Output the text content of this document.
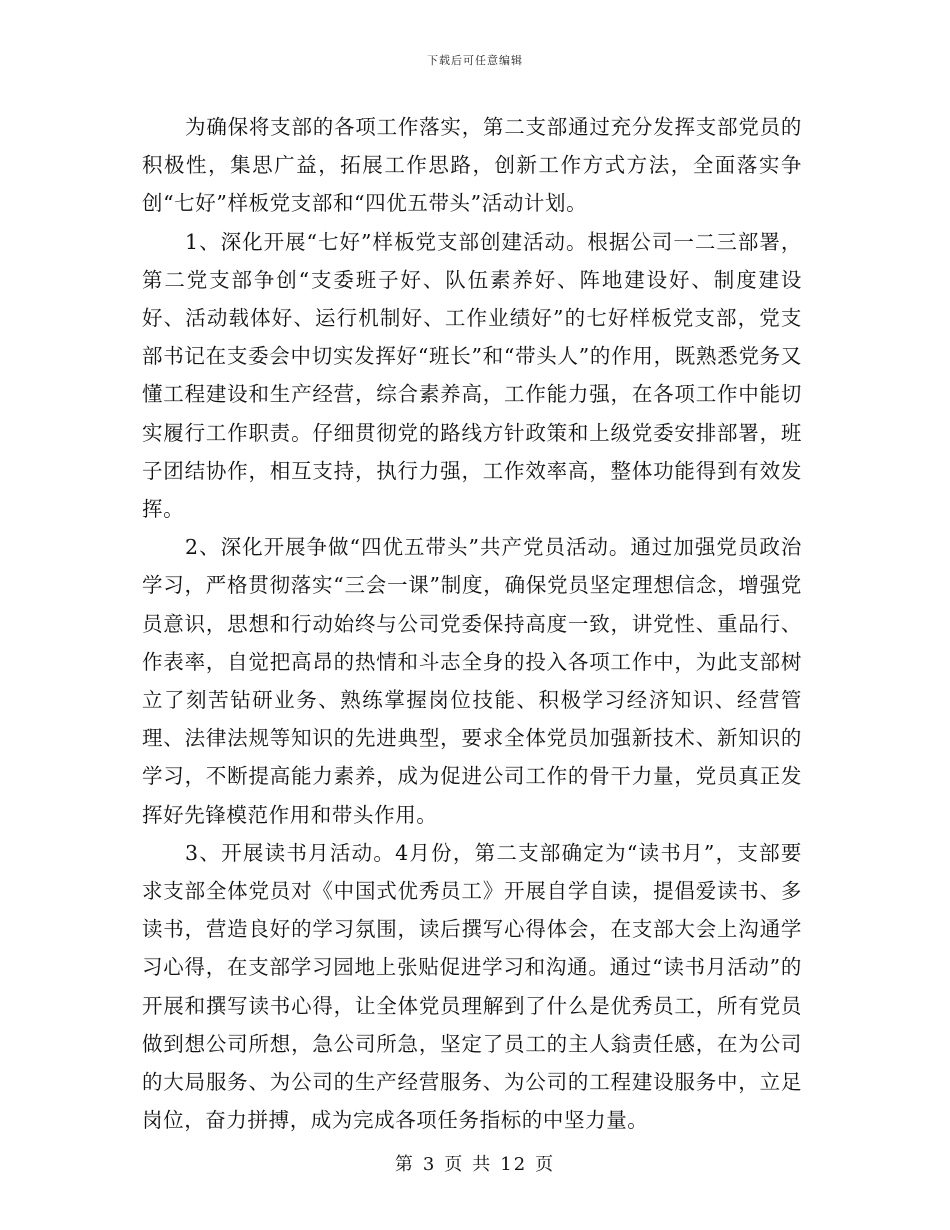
下载后可任意编辑

为确保将支部的各项工作落实，第二支部通过充分发挥支部党员的积极性，集思广益，拓展工作思路，创新工作方式方法，全面落实争创“七好”样板党支部和“四优五带头”活动计划。

1、深化开展“七好”样板党支部创建活动。根据公司一二三部署，第二党支部争创“支委班子好、队伍素养好、阵地建设好、制度建设好、活动载体好、运行机制好、工作业绩好”的七好样板党支部，党支部书记在支委会中切实发挥好“班长”和“带头人”的作用，既熟悉党务又懂工程建设和生产经营，综合素养高，工作能力强，在各项工作中能切实履行工作职责。仔细贯彻党的路线方针政策和上级党委安排部署，班子团结协作，相互支持，执行力强，工作效率高，整体功能得到有效发挥。

2、深化开展争做“四优五带头”共产党员活动。通过加强党员政治学习，严格贯彻落实“三会一课”制度，确保党员坚定理想信念，增强党员意识，思想和行动始终与公司党委保持高度一致，讲党性、重品行、作表率，自觉把高昂的热情和斗志全身的投入各项工作中，为此支部树立了刻苦钻研业务、熟练掌握岗位技能、积极学习经济知识、经营管理、法律法规等知识的先进典型，要求全体党员加强新技术、新知识的学习，不断提高能力素养，成为促进公司工作的骨干力量，党员真正发挥好先锋模范作用和带头作用。

3、开展读书月活动。4月份，第二支部确定为“读书月”，支部要求支部全体党员对《中国式优秀员工》开展自学自读，提倡爱读书、多读书，营造良好的学习氛围，读后撰写心得体会，在支部大会上沟通学习心得，在支部学习园地上张贴促进学习和沟通。通过“读书月活动”的开展和撰写读书心得，让全体党员理解到了什么是优秀员工，所有党员做到想公司所想，急公司所急，坚定了员工的主人翁责任感，在为公司的大局服务、为公司的生产经营服务、为公司的工程建设服务中，立足岗位，奋力拼搏，成为完成各项任务指标的中坚力量。

第 3 页 共 12 页
